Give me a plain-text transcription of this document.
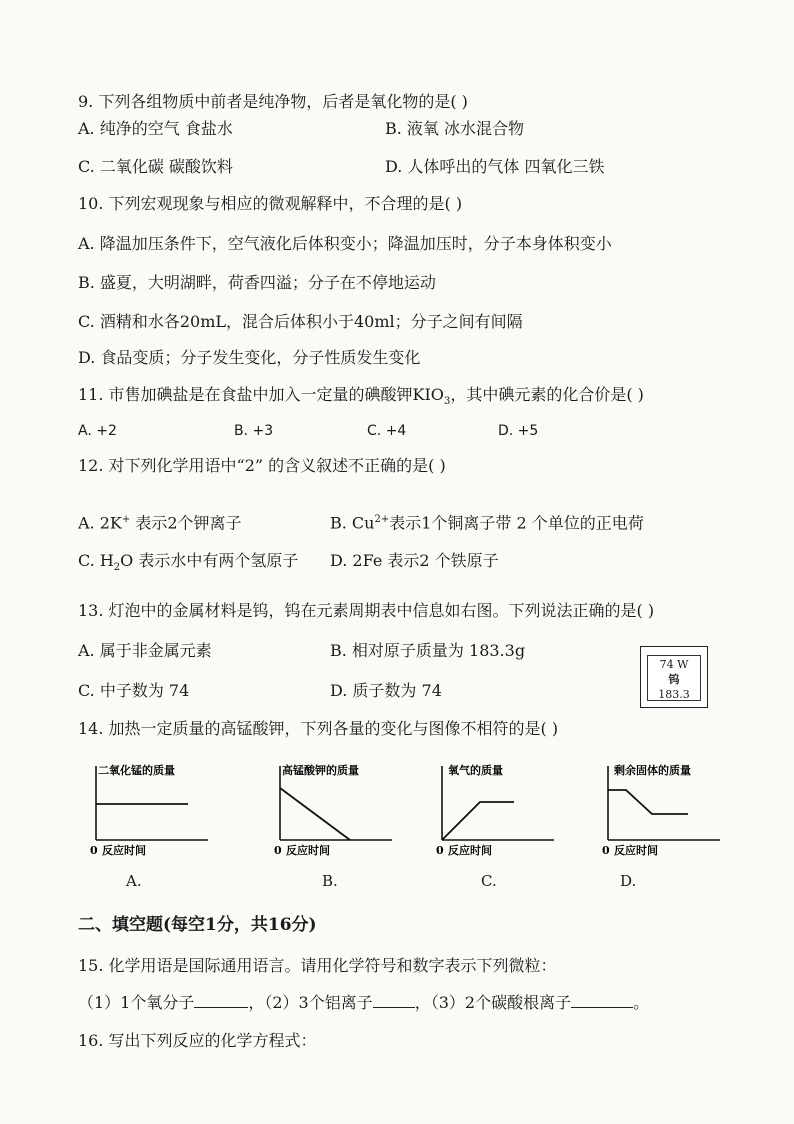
9. 下列各组物质中前者是纯净物，后者是氧化物的是( )
A. 纯净的空气 食盐水	B. 液氧 冰水混合物
C. 二氧化碳 碳酸饮料	D. 人体呼出的气体 四氧化三铁
10. 下列宏观现象与相应的微观解释中，不合理的是( )
A. 降温加压条件下，空气液化后体积变小；降温加压时，分子本身体积变小
B. 盛夏，大明湖畔，荷香四溢；分子在不停地运动
C. 酒精和水各20mL，混合后体积小于40ml；分子之间有间隔
D. 食品变质；分子发生变化，分子性质发生变化
11. 市售加碘盐是在食盐中加入一定量的碘酸钾$KIO_3$，其中碘元素的化合价是( )
A. +2	B. +3	C. +4	D. +5
12. 对下列化学用语中“2” 的含义叙述不正确的是( )
A. 2K+ 表示2个钾离子	B. $Cu^{2+}$表示1个铜离子带 2 个单位的正电荷
C. $H_2O$ 表示水中有两个氢原子 D. 2Fe 表示2 个铁原子
13. 灯泡中的金属材料是钨，钨在元素周期表中信息如右图。下列说法正确的是( )
A. 属于非金属元素	B. 相对原子质量为 183.3g
C. 中子数为 74	D. 质子数为 74
74 W
钨
183.3
14. 加热一定质量的高锰酸钾，下列各量的变化与图像不相符的是( )
二氧化锰的质量
0 反应时间
高锰酸钾的质量
0 反应时间
氧气的质量
0 反应时间
剩余固体的质量
0 反应时间
A.	B.	C.	D.
二、填空题(每空1分，共16分)
15. 化学用语是国际通用语言。请用化学符号和数字表示下列微粒：
（1）1个氧分子	，（2）3个铝离子	，（3）2个碳酸根离子	。
16. 写出下列反应的化学方程式：
